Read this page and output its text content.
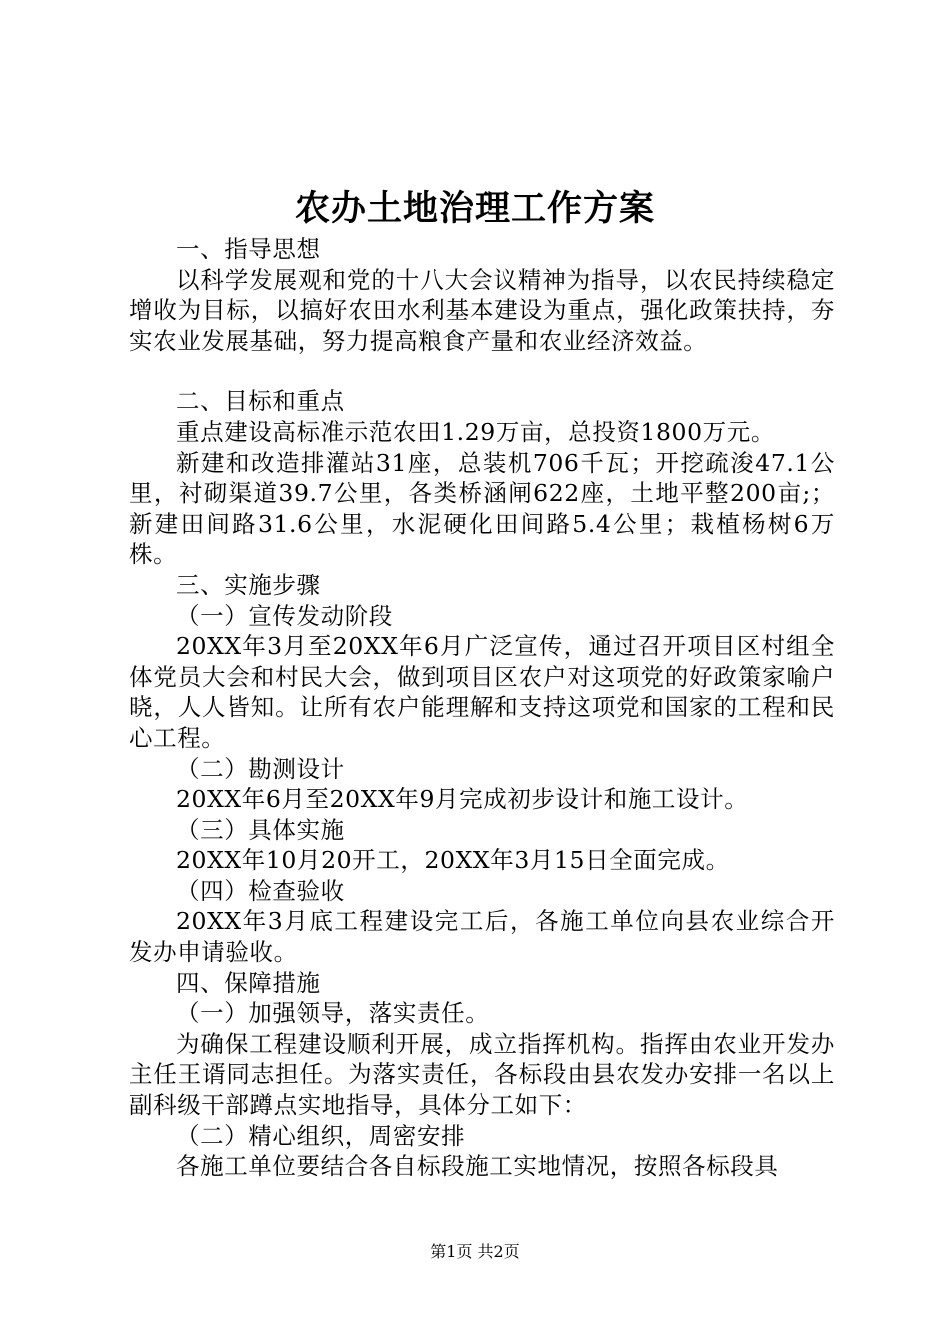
农办土地治理工作方案

一、指导思想

以科学发展观和党的十八大会议精神为指导，以农民持续稳定增收为目标，以搞好农田水利基本建设为重点，强化政策扶持，夯实农业发展基础，努力提高粮食产量和农业经济效益。

二、目标和重点

重点建设高标准示范农田1.29万亩，总投资1800万元。

新建和改造排灌站31座，总装机706千瓦；开挖疏浚47.1公里，衬砌渠道39.7公里，各类桥涵闸622座，土地平整200亩;；新建田间路31.6公里，水泥硬化田间路5.4公里；栽植杨树6万株。

三、实施步骤

（一）宣传发动阶段

20XX年3月至20XX年6月广泛宣传，通过召开项目区村组全体党员大会和村民大会，做到项目区农户对这项党的好政策家喻户晓，人人皆知。让所有农户能理解和支持这项党和国家的工程和民心工程。

（二）勘测设计

20XX年6月至20XX年9月完成初步设计和施工设计。

（三）具体实施

20XX年10月20开工，20XX年3月15日全面完成。

（四）检查验收

20XX年3月底工程建设完工后，各施工单位向县农业综合开发办申请验收。

四、保障措施

（一）加强领导，落实责任。

为确保工程建设顺利开展，成立指挥机构。指挥由农业开发办主任王谞同志担任。为落实责任，各标段由县农发办安排一名以上副科级干部蹲点实地指导，具体分工如下：

（二）精心组织，周密安排

各施工单位要结合各自标段施工实地情况，按照各标段具

第1页 共2页
